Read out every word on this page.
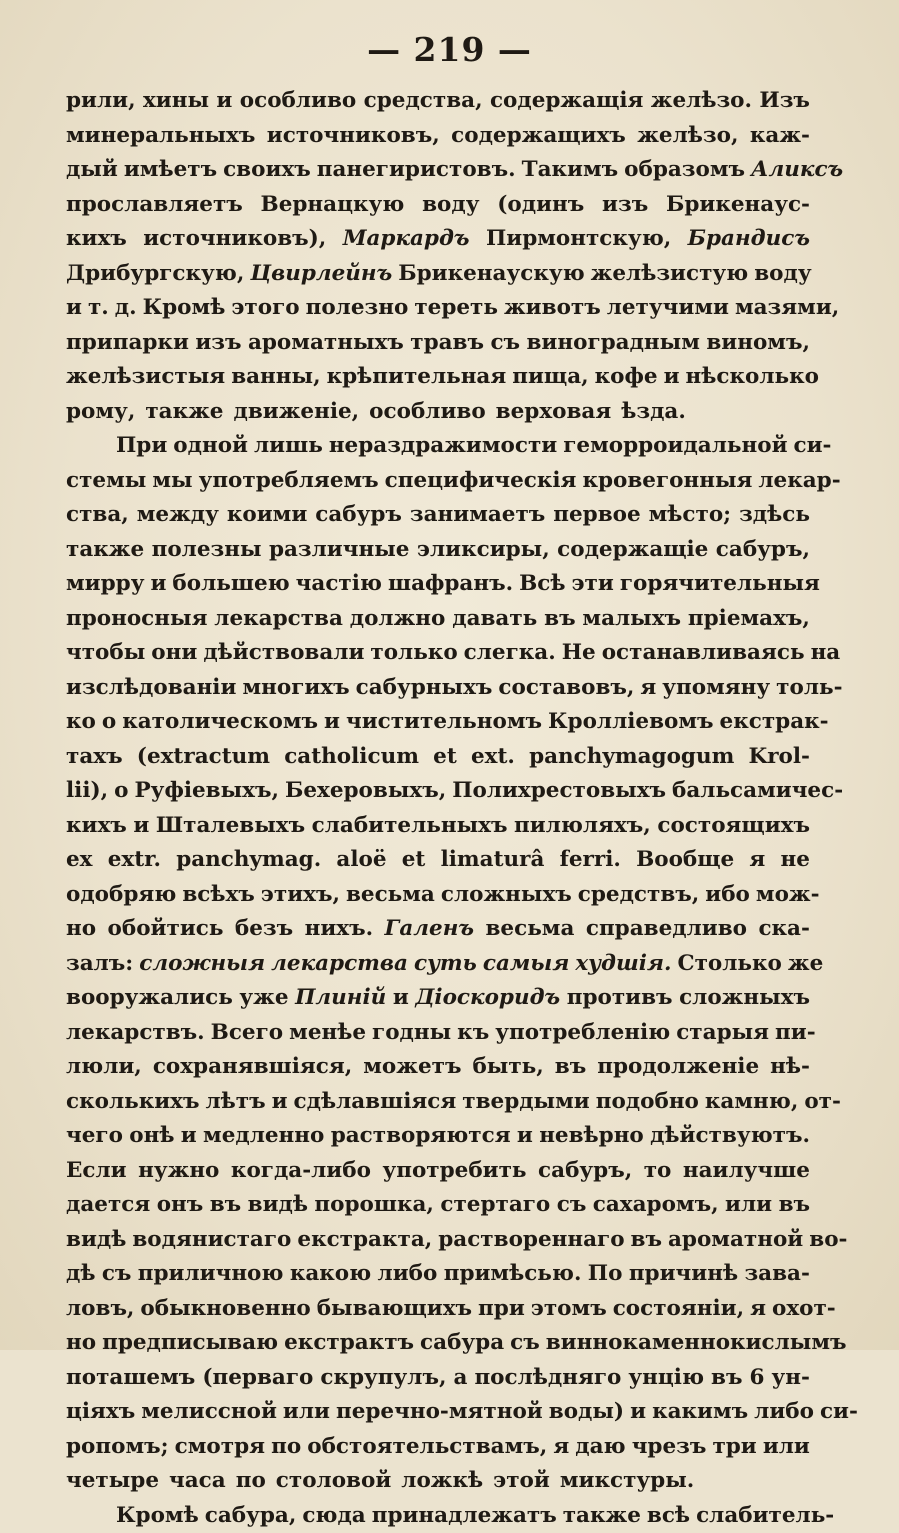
— 219 —
рили, хины и особливо средства, содержащія желѣзо. Изъ
минеральныхъ источниковъ, содержащихъ желѣзо, каж-
дый имѣетъ своихъ панегиристовъ. Такимъ образомъ Аликсъ
прославляетъ Вернацкую воду (одинъ изъ Брикенаус-
кихъ источниковъ), Маркардъ Пирмонтскую, Брандисъ
Дрибургскую, Цвирлейнъ Брикенаускую желѣзистую воду
и т. д. Кромѣ этого полезно тереть животъ летучими мазями,
припарки изъ ароматныхъ травъ съ виноградным виномъ,
желѣзистыя ванны, крѣпительная пища, кофе и нѣсколько
рому, также движеніе, особливо верховая ѣзда.
При одной лишь нераздражимости геморроидальной си-
стемы мы употребляемъ специфическія кровегонныя лекар-
ства, между коими сабуръ занимаетъ первое мѣсто; здѣсь
также полезны различные эликсиры, содержащіе сабуръ,
мирру и большею частію шафранъ. Всѣ эти горячительныя
проносныя лекарства должно давать въ малыхъ пріемахъ,
чтобы они дѣйствовали только слегка. Не останавливаясь на
изслѣдованіи многихъ сабурныхъ составовъ, я упомяну толь-
ко о католическомъ и чистительномъ Кролліевомъ екстрак-
тахъ (extractum catholicum et ext. panchymagogum Krol-
lii), о Руфіевыхъ, Бехеровыхъ, Полихрестовыхъ бальсамичес-
кихъ и Шталевыхъ слабительныхъ пилюляхъ, состоящихъ
ex extr. panchymag. aloë et limaturâ ferri. Вообще я не
одобряю всѣхъ этихъ, весьма сложныхъ средствъ, ибо мож-
но обойтись безъ нихъ. Галенъ весьма справедливо ска-
залъ: сложныя лекарства суть самыя худшія. Столько же
вооружались уже Плиній и Діоскоридъ противъ сложныхъ
лекарствъ. Всего менѣе годны къ употребленію старыя пи-
люли, сохранявшіяся, можетъ быть, въ продолженіе нѣ-
сколькихъ лѣтъ и сдѣлавшіяся твердыми подобно камню, от-
чего онѣ и медленно растворяются и невѣрно дѣйствуютъ.
Если нужно когда-либо употребить сабуръ, то наилучше
дается онъ въ видѣ порошка, стертаго съ сахаромъ, или въ
видѣ водянистаго екстракта, раствореннаго въ ароматной во-
дѣ съ приличною какою либо примѣсью. По причинѣ зава-
ловъ, обыкновенно бывающихъ при этомъ состояніи, я охот-
но предписываю екстрактъ сабура съ виннокаменнокислымъ
поташемъ (перваго скрупулъ, а послѣдняго унцію въ 6 ун-
ціяхъ мелиссной или перечно-мятной воды) и какимъ либо си-
ропомъ; смотря по обстоятельствамъ, я даю чрезъ три или
четыре часа по столовой ложкѣ этой микстуры.
Кромѣ сабура, сюда принадлежатъ также всѣ слабитель-
